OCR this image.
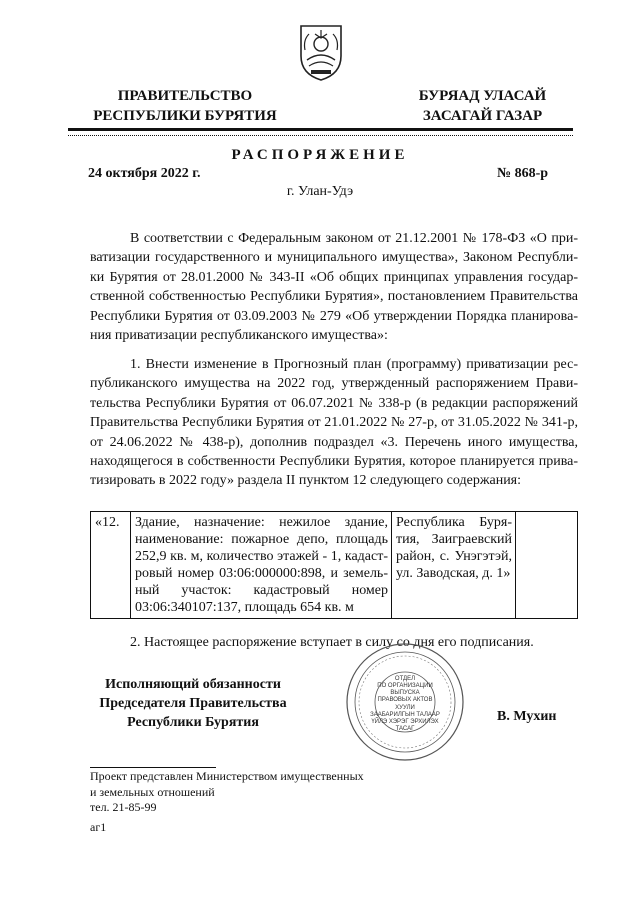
ПРАВИТЕЛЬСТВО
РЕСПУБЛИКИ БУРЯТИЯ
БУРЯАД УЛАСАЙ
ЗАСАГАЙ ГАЗАР
РАСПОРЯЖЕНИЕ
24 октября 2022 г.	№ 868-р
г. Улан-Удэ
В соответствии с Федеральным законом от 21.12.2001 № 178-ФЗ «О приватизации государственного и муниципального имущества», Законом Республики Бурятия от 28.01.2000 № 343-II «Об общих принципах управления государственной собственностью Республики Бурятия», постановлением Правительства Республики Бурятия от 03.09.2003 № 279 «Об утверждении Порядка планирования приватизации республиканского имущества»:
1. Внести изменение в Прогнозный план (программу) приватизации республиканского имущества на 2022 год, утвержденный распоряжением Правительства Республики Бурятия от 06.07.2021 № 338-р (в редакции распоряжений Правительства Республики Бурятия от 21.01.2022 № 27-р, от 31.05.2022 № 341-р, от 24.06.2022 № 438-р), дополнив подраздел «3. Перечень иного имущества, находящегося в собственности Республики Бурятия, которое планируется приватизировать в 2022 году» раздела II пунктом 12 следующего содержания:
«12.	Здание, назначение: нежилое здание, наименование: пожарное депо, площадь 252,9 кв. м, количество этажей - 1, кадастровый номер 03:06:000000:898, и земельный участок: кадастровый номер 03:06:340107:137, площадь 654 кв. м	Республика Бурятия, Заиграевский район, с. Унэгэтэй, ул. Заводская, д. 1»	
2. Настоящее распоряжение вступает в силу со дня его подписания.
Исполняющий обязанности
Председателя Правительства
Республики Бурятия
ОТДЕЛ
ПО ОРГАНИЗАЦИИ
ВЫПУСКА
ПРАВОВЫХ АКТОВ
ХУУЛИ
ЗААБАРИЛГЫН ТАЛААР
ҮЙЛЭ ХЭРЭГ ЭРХИЛЭХ
ТАСАГ
В. Мухин
Проект представлен Министерством имущественных
и земельных отношений
тел. 21-85-99
аг1
